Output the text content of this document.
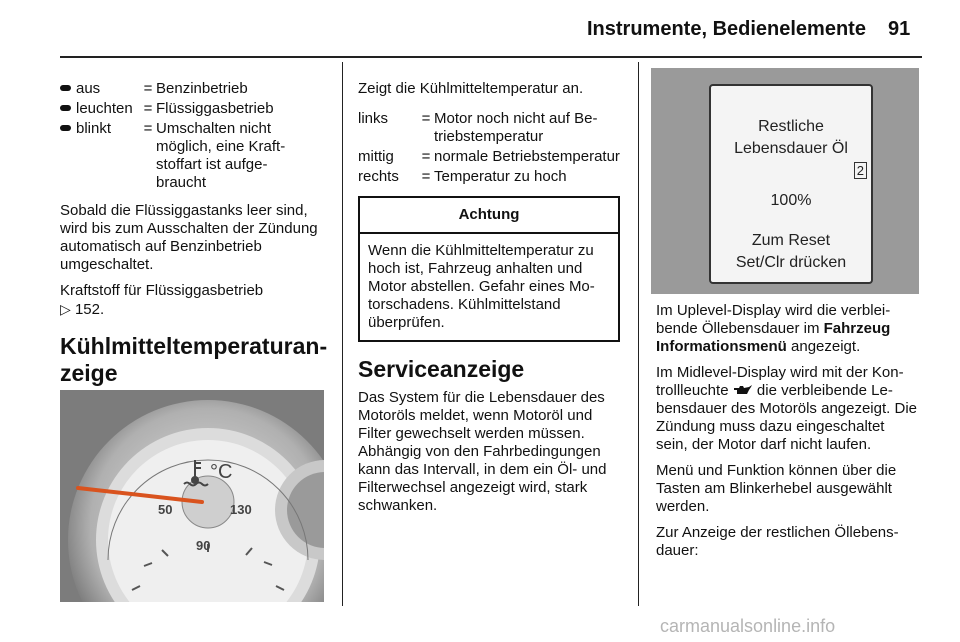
Instrumente, Bedienelemente 91
aus	= Benzinbetrieb
leuchten = Flüssiggasbetrieb
blinkt	= Umschalten nicht möglich, eine Kraftstoffart ist aufgebraucht

Sobald die Flüssiggastanks leer sind, wird bis zum Ausschalten der Zündung automatisch auf Benzinbetrieb umgeschaltet.

Kraftstoff für Flüssiggasbetrieb
▷ 152.

Kühlmitteltemperaturanzeige
°C
50	130
90

Zeigt die Kühlmitteltemperatur an.

links	= Motor noch nicht auf Betriebstemperatur
mittig	= normale Betriebstemperatur
rechts	= Temperatur zu hoch
Achtung
Wenn die Kühlmitteltemperatur zu hoch ist, Fahrzeug anhalten und Motor abstellen. Gefahr eines Motorschadens. Kühlmittelstand überprüfen.
Serviceanzeige

Das System für die Lebensdauer des Motoröls meldet, wenn Motoröl und Filter gewechselt werden müssen. Abhängig von den Fahrbedingungen kann das Intervall, in dem ein Öl- und Filterwechsel angezeigt wird, stark schwanken.

Restliche
Lebensdauer Öl
2
100%
Zum Reset
Set/Clr drücken

Im Uplevel-Display wird die verbleibende Öllebensdauer im Fahrzeug Informationsmenü angezeigt.

Im Midlevel-Display wird mit der Kontrollleuchte  die verbleibende Lebensdauer des Motoröls angezeigt. Die Zündung muss dazu eingeschaltet sein, der Motor darf nicht laufen.

Menü und Funktion können über die Tasten am Blinkerhebel ausgewählt werden.

Zur Anzeige der restlichen Öllebensdauer:

carmanualsonline.info
